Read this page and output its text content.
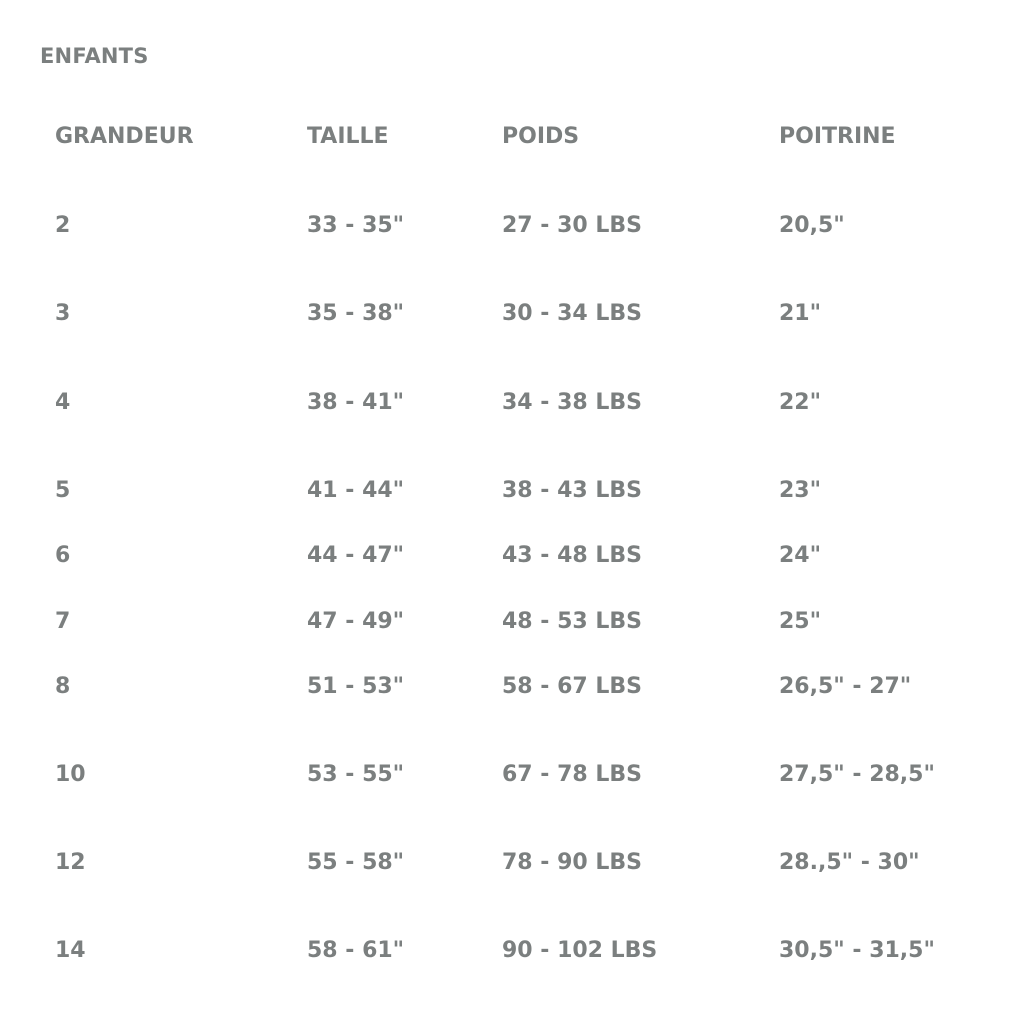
ENFANTS
GRANDEUR	TAILLE	POIDS	POITRINE
2	33 - 35"	27 - 30 LBS	20,5"
3	35 - 38"	30 - 34 LBS	21"
4	38 - 41"	34 - 38 LBS	22"
5	41 - 44"	38 - 43 LBS	23"
6	44 - 47"	43 - 48 LBS	24"
7	47 - 49"	48 - 53 LBS	25"
8	51 - 53"	58 - 67 LBS	26,5" - 27"
10	53 - 55"	67 - 78 LBS	27,5" - 28,5"
12	55 - 58"	78 - 90 LBS	28.,5" - 30"
14	58 - 61"	90 - 102 LBS	30,5" - 31,5"
